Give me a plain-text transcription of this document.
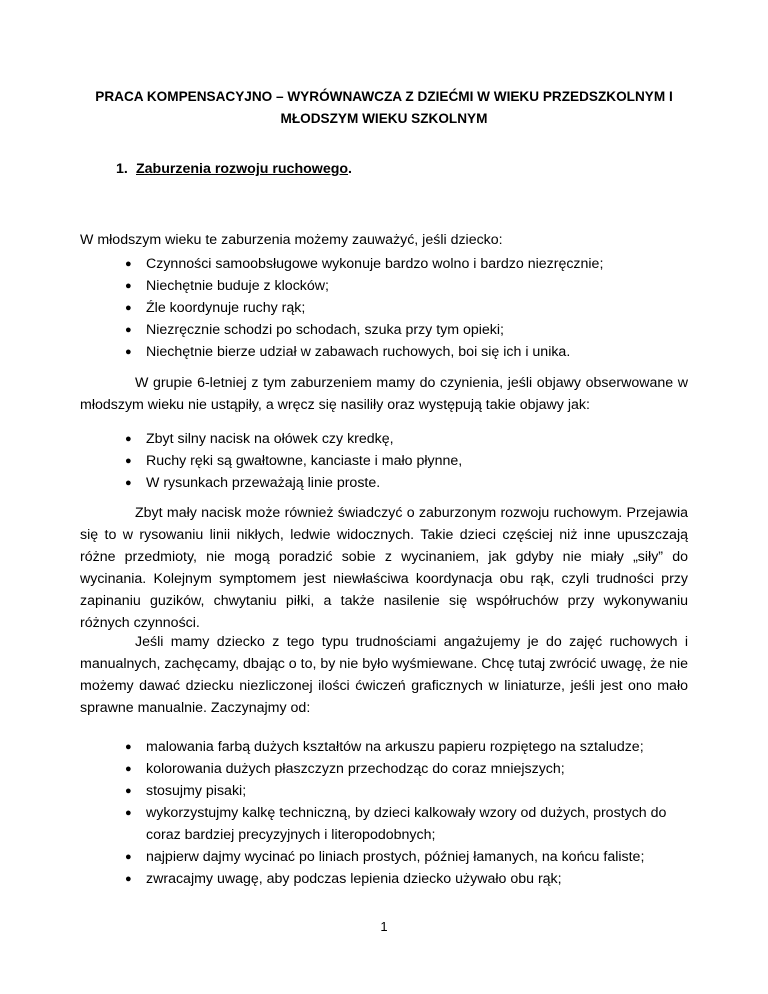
PRACA KOMPENSACYJNO – WYRÓWNAWCZA Z DZIEĆMI W WIEKU PRZEDSZKOLNYM I
MŁODSZYM WIEKU SZKOLNYM
1. Zaburzenia rozwoju ruchowego.

W młodszym wieku te zaburzenia możemy zauważyć, jeśli dziecko:

● Czynności samoobsługowe wykonuje bardzo wolno i bardzo niezręcznie;
● Niechętnie buduje z klocków;
● Źle koordynuje ruchy rąk;
● Niezręcznie schodzi po schodach, szuka przy tym opieki;
● Niechętnie bierze udział w zabawach ruchowych, boi się ich i unika.

W grupie 6-letniej z tym zaburzeniem mamy do czynienia, jeśli objawy obserwowane w młodszym wieku nie ustąpiły, a wręcz się nasiliły oraz występują takie objawy jak:

● Zbyt silny nacisk na ołówek czy kredkę,
● Ruchy ręki są gwałtowne, kanciaste i mało płynne,
● W rysunkach przeważają linie proste.

Zbyt mały nacisk może również świadczyć o zaburzonym rozwoju ruchowym. Przejawia się to w rysowaniu linii nikłych, ledwie widocznych. Takie dzieci częściej niż inne upuszczają różne przedmioty, nie mogą poradzić sobie z wycinaniem, jak gdyby nie miały „siły” do wycinania. Kolejnym symptomem jest niewłaściwa koordynacja obu rąk, czyli trudności przy zapinaniu guzików, chwytaniu piłki, a także nasilenie się współruchów przy wykonywaniu różnych czynności.

Jeśli mamy dziecko z tego typu trudnościami angażujemy je do zajęć ruchowych i manualnych, zachęcamy, dbając o to, by nie było wyśmiewane. Chcę tutaj zwrócić uwagę, że nie możemy dawać dziecku niezliczonej ilości ćwiczeń graficznych w liniaturze, jeśli jest ono mało sprawne manualnie. Zaczynajmy od:

● malowania farbą dużych kształtów na arkuszu papieru rozpiętego na sztaludze;
● kolorowania dużych płaszczyzn przechodząc do coraz mniejszych;
● stosujmy pisaki;
● wykorzystujmy kalkę techniczną, by dzieci kalkowały wzory od dużych, prostych do coraz bardziej precyzyjnych i literopodobnych;
● najpierw dajmy wycinać po liniach prostych, później łamanych, na końcu faliste;
● zwracajmy uwagę, aby podczas lepienia dziecko używało obu rąk;
1
